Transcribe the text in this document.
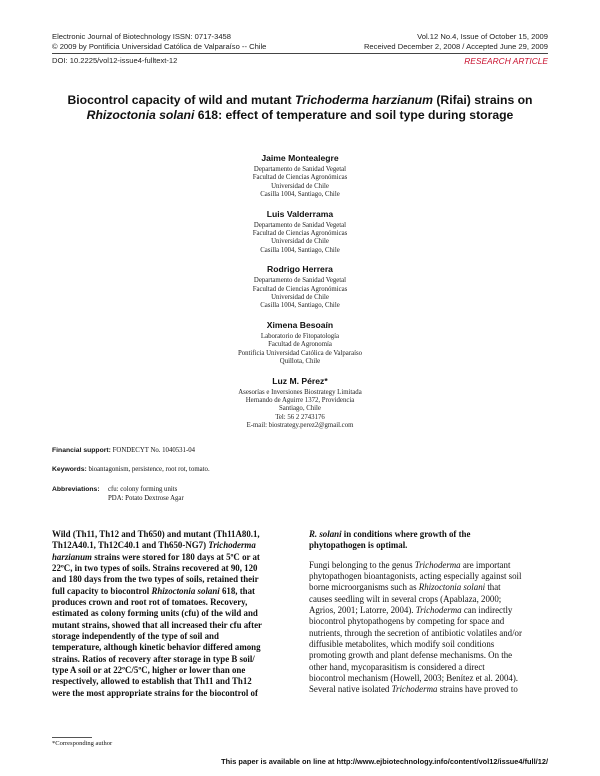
Electronic Journal of Biotechnology ISSN: 0717-3458	Vol.12 No.4, Issue of October 15, 2009
© 2009 by Pontificia Universidad Católica de Valparaíso -- Chile	Received December 2, 2008 / Accepted June 29, 2009
DOI: 10.2225/vol12-issue4-fulltext-12	RESEARCH ARTICLE
Biocontrol capacity of wild and mutant Trichoderma harzianum (Rifai) strains on Rhizoctonia solani 618: effect of temperature and soil type during storage
Jaime Montealegre
Departamento de Sanidad Vegetal
Facultad de Ciencias Agronómicas
Universidad de Chile
Casilla 1004, Santiago, Chile
Luis Valderrama
Departamento de Sanidad Vegetal
Facultad de Ciencias Agronómicas
Universidad de Chile
Casilla 1004, Santiago, Chile
Rodrigo Herrera
Departamento de Sanidad Vegetal
Facultad de Ciencias Agronómicas
Universidad de Chile
Casilla 1004, Santiago, Chile
Ximena Besoaín
Laboratorio de Fitopatología
Facultad de Agronomía
Pontificia Universidad Católica de Valparaíso
Quillota, Chile
Luz M. Pérez*
Asesorías e Inversiones Biostrategy Limitada
Hernando de Aguirre 1372, Providencia
Santiago, Chile
Tel: 56 2 2743176
E-mail: biostrategy.perez2@gmail.com
Financial support: FONDECYT No. 1040531-04
Keywords: bioantagonism, persistence, root rot, tomato.
Abbreviations:	cfu: colony forming units
PDA: Potato Dextrose Agar
Wild (Th11, Th12 and Th650) and mutant (Th11A80.1,
Th12A40.1, Th12C40.1 and Th650-NG7) Trichoderma
harzianum strains were stored for 180 days at 5ºC or at
22ºC, in two types of soils. Strains recovered at 90, 120
and 180 days from the two types of soils, retained their
full capacity to biocontrol Rhizoctonia solani 618, that
produces crown and root rot of tomatoes. Recovery,
estimated as colony forming units (cfu) of the wild and
mutant strains, showed that all increased their cfu after
storage independently of the type of soil and
temperature, although kinetic behavior differed among
strains. Ratios of recovery after storage in type B soil/
type A soil or at 22ºC/5ºC, higher or lower than one
respectively, allowed to establish that Th11 and Th12
were the most appropriate strains for the biocontrol of
R. solani in conditions where growth of the
phytopathogen is optimal.
Fungi belonging to the genus Trichoderma are important
phytopathogen bioantagonists, acting especially against soil
borne microorganisms such as Rhizoctonia solani that
causes seedling wilt in several crops (Apablaza, 2000;
Agrios, 2001; Latorre, 2004). Trichoderma can indirectly
biocontrol phytopathogens by competing for space and
nutrients, through the secretion of antibiotic volatiles and/or
diffusible metabolites, which modify soil conditions
promoting growth and plant defense mechanisms. On the
other hand, mycoparasitism is considered a direct
biocontrol mechanism (Howell, 2003; Benítez et al. 2004).
Several native isolated Trichoderma strains have proved to
*Corresponding author
This paper is available on line at http://www.ejbiotechnology.info/content/vol12/issue4/full/12/
